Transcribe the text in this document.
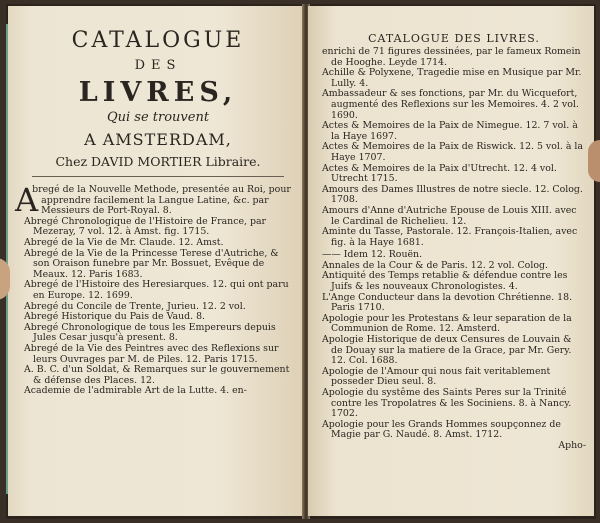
CATALOGUE
DES
LIVRES,
Qui se trouvent
A AMSTERDAM,
Chez DAVID MORTIER Libraire.

A
bregé de la Nouvelle Methode, presentée au Roi, pour apprendre facilement la Langue Latine, &c. par Messieurs de Port-Royal. 8.

Abregé Chronologique de l'Histoire de France, par Mezeray, 7 vol. 12. à Amst. fig. 1715.

Abregé de la Vie de Mr. Claude. 12. Amst.

Abregé de la Vie de la Princesse Terese d'Autriche, & son Oraison funebre par Mr. Bossuet, Evêque de Meaux. 12. Paris 1683.

Abregé de l'Histoire des Heresiarques. 12. qui ont paru en Europe. 12. 1699.

Abregé du Concile de Trente, Jurieu. 12. 2 vol.

Abregé Historique du Pais de Vaud. 8.

Abregé Chronologique de tous les Empereurs depuis Jules Cesar jusqu'à present. 8.

Abregé de la Vie des Peintres avec des Reflexions sur leurs Ouvrages par M. de Piles. 12. Paris 1715.

A. B. C. d'un Soldat, & Remarques sur le gouvernement & défense des Places. 12.

Academie de l'admirable Art de la Lutte. 4. en-

CATALOGUE DES LIVRES.

enrichi de 71 figures dessinées, par le fameux Romein de Hooghe. Leyde 1714.

Achille & Polyxene, Tragedie mise en Musique par Mr. Lully. 4.

Ambassadeur & ses fonctions, par Mr. du Wicquefort, augmenté des Reflexions sur les Memoires. 4. 2 vol. 1690.

Actes & Memoires de la Paix de Nimegue. 12. 7 vol. à la Haye 1697.

Actes & Memoires de la Paix de Riswick. 12. 5 vol. à la Haye 1707.

Actes & Memoires de la Paix d'Utrecht. 12. 4 vol. Utrecht 1715.

Amours des Dames Illustres de notre siecle. 12. Colog. 1708.

Amours d'Anne d'Autriche Epouse de Louis XIII. avec le Cardinal de Richelieu. 12.

Aminte du Tasse, Pastorale. 12. François-Italien, avec fig. à la Haye 1681.

—— Idem 12. Rouën.

Annales de la Cour & de Paris. 12. 2 vol. Colog.

Antiquité des Temps retablie & défendue contre les Juifs & les nouveaux Chronologistes. 4.

L'Ange Conducteur dans la devotion Chrétienne. 18. Paris 1710.

Apologie pour les Protestans & leur separation de la Communion de Rome. 12. Amsterd.

Apologie Historique de deux Censures de Louvain & de Douay sur la matiere de la Grace, par Mr. Gery. 12. Col. 1688.

Apologie de l'Amour qui nous fait veritablement posseder Dieu seul. 8.

Apologie du systême des Saints Peres sur la Trinité contre les Tropolatres & les Sociniens. 8. à Nancy. 1702.

Apologie pour les Grands Hommes soupçonnez de Magie par G. Naudé. 8. Amst. 1712.

Apho-
